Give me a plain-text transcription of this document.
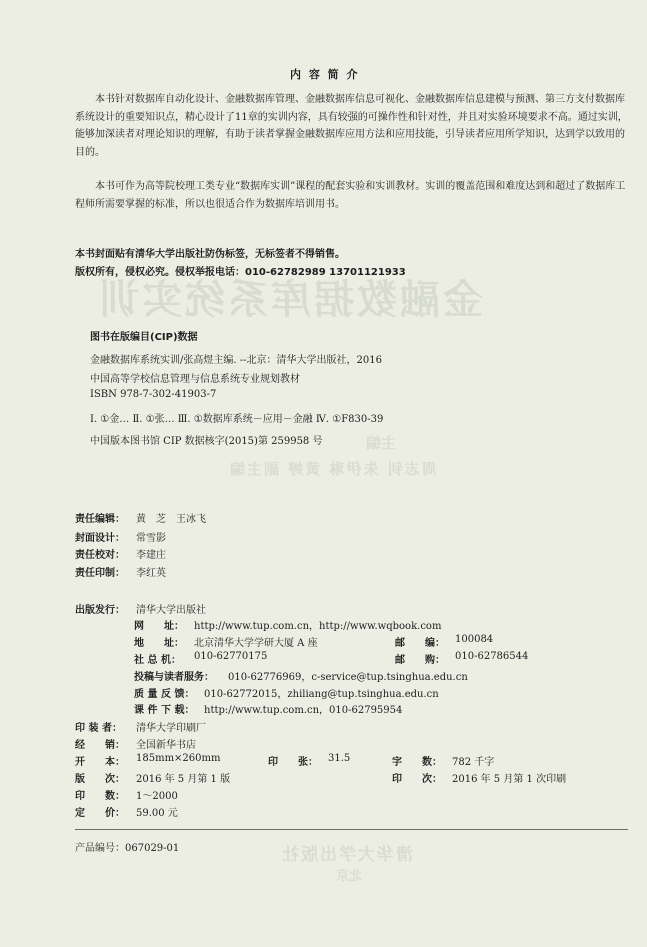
金融数据库系统实训
主编
周志钊 朱伊琳 黄婷 副主编
清华大学出版社
北京
内 容 简 介
本书针对数据库自动化设计、金融数据库管理、金融数据库信息可视化、金融数据库信息建模与预测、第三方支付数据库系统设计的重要知识点，精心设计了11章的实训内容，具有较强的可操作性和针对性，并且对实验环境要求不高。通过实训，能够加深读者对理论知识的理解，有助于读者掌握金融数据库应用方法和应用技能，引导读者应用所学知识，达到学以致用的目的。
本书可作为高等院校理工类专业“数据库实训”课程的配套实验和实训教材。实训的覆盖范围和难度达到和超过了数据库工程师所需要掌握的标准，所以也很适合作为数据库培训用书。
本书封面贴有清华大学出版社防伪标签，无标签者不得销售。
版权所有，侵权必究。侵权举报电话：010-62782989 13701121933
图书在版编目(CIP)数据
金融数据库系统实训/张高煜主编. --北京：清华大学出版社，2016
中国高等学校信息管理与信息系统专业规划教材
ISBN 978-7-302-41903-7
Ⅰ. ①金… Ⅱ. ①张… Ⅲ. ①数据库系统－应用－金融 Ⅳ. ①F830-39
中国版本图书馆 CIP 数据核字(2015)第 259958 号
责任编辑： 黄　芝　王冰飞
封面设计： 常雪影
责任校对： 李建庄
责任印制： 李红英
出版发行： 清华大学出版社
网　　址： http://www.tup.com.cn，http://www.wqbook.com
地　　址： 北京清华大学学研大厦 A 座	邮　　编： 100084
社 总 机： 010-62770175	邮　　购： 010-62786544
投稿与读者服务： 010-62776969，c-service@tup.tsinghua.edu.cn
质 量 反 馈： 010-62772015，zhiliang@tup.tsinghua.edu.cn
课 件 下 载： http://www.tup.com.cn，010-62795954
印 装 者： 清华大学印刷厂
经　　销： 全国新华书店
开　　本： 185mm×260mm	印　　张： 31.5	字　　数： 782 千字
版　　次： 2016 年 5 月第 1 版	印　　次： 2016 年 5 月第 1 次印刷
印　　数： 1～2000
定　　价： 59.00 元
产品编号：067029-01
